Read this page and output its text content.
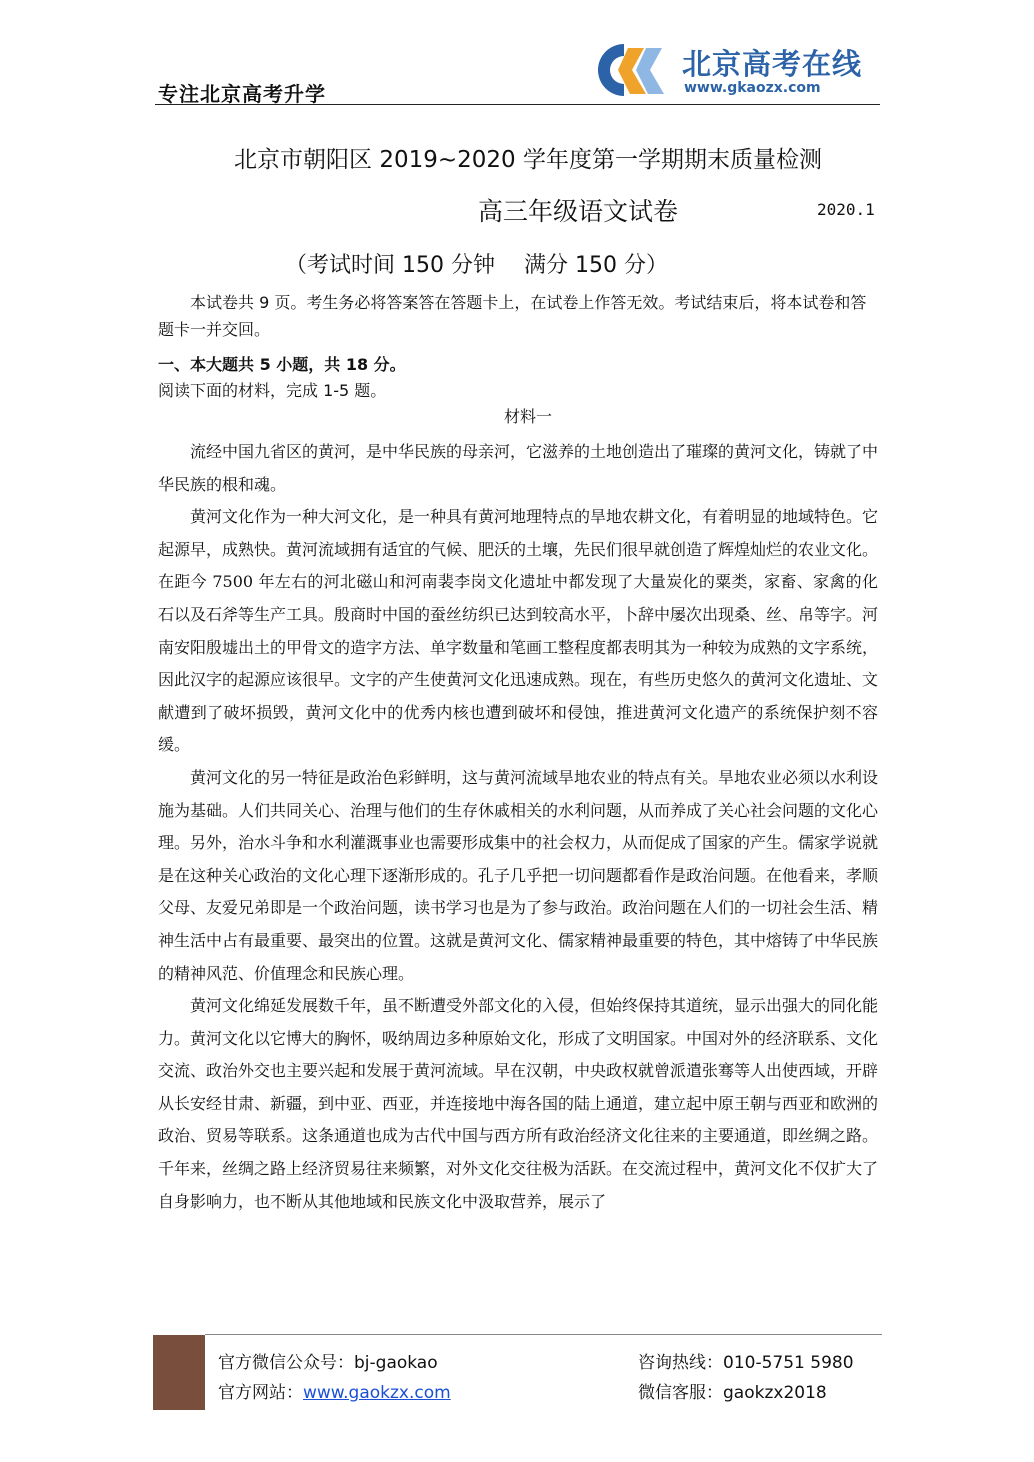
专注北京高考升学
北京高考在线
www.gkaozx.com
北京市朝阳区 2019~2020 学年度第一学期期末质量检测
高三年级语文试卷	2020.1
（考试时间 150 分钟　 满分 150 分）
本试卷共 9 页。考生务必将答案答在答题卡上，在试卷上作答无效。考试结束后，将本试卷和答题卡一并交回。
一、本大题共 5 小题，共 18 分。
阅读下面的材料，完成 1-5 题。
材料一

流经中国九省区的黄河，是中华民族的母亲河，它滋养的土地创造出了璀璨的黄河文化，铸就了中华民族的根和魂。

黄河文化作为一种大河文化，是一种具有黄河地理特点的旱地农耕文化，有着明显的地域特色。它起源早，成熟快。黄河流域拥有适宜的气候、肥沃的土壤，先民们很早就创造了辉煌灿烂的农业文化。在距今 7500 年左右的河北磁山和河南裴李岗文化遗址中都发现了大量炭化的粟类，家畜、家禽的化石以及石斧等生产工具。殷商时中国的蚕丝纺织已达到较高水平，卜辞中屡次出现桑、丝、帛等字。河南安阳殷墟出土的甲骨文的造字方法、单字数量和笔画工整程度都表明其为一种较为成熟的文字系统，因此汉字的起源应该很早。文字的产生使黄河文化迅速成熟。现在，有些历史悠久的黄河文化遗址、文献遭到了破坏损毁，黄河文化中的优秀内核也遭到破坏和侵蚀，推进黄河文化遗产的系统保护刻不容缓。

黄河文化的另一特征是政治色彩鲜明，这与黄河流域旱地农业的特点有关。旱地农业必须以水利设施为基础。人们共同关心、治理与他们的生存休戚相关的水利问题，从而养成了关心社会问题的文化心理。另外，治水斗争和水利灌溉事业也需要形成集中的社会权力，从而促成了国家的产生。儒家学说就是在这种关心政治的文化心理下逐渐形成的。孔子几乎把一切问题都看作是政治问题。在他看来，孝顺父母、友爱兄弟即是一个政治问题，读书学习也是为了参与政治。政治问题在人们的一切社会生活、精神生活中占有最重要、最突出的位置。这就是黄河文化、儒家精神最重要的特色，其中熔铸了中华民族的精神风范、价值理念和民族心理。

黄河文化绵延发展数千年，虽不断遭受外部文化的入侵，但始终保持其道统，显示出强大的同化能力。黄河文化以它博大的胸怀，吸纳周边多种原始文化，形成了文明国家。中国对外的经济联系、文化交流、政治外交也主要兴起和发展于黄河流域。早在汉朝，中央政权就曾派遣张骞等人出使西域，开辟从长安经甘肃、新疆，到中亚、西亚，并连接地中海各国的陆上通道，建立起中原王朝与西亚和欧洲的政治、贸易等联系。这条通道也成为古代中国与西方所有政治经济文化往来的主要通道，即丝绸之路。千年来，丝绸之路上经济贸易往来频繁，对外文化交往极为活跃。在交流过程中，黄河文化不仅扩大了自身影响力，也不断从其他地域和民族文化中汲取营养，展示了

官方微信公众号：bj-gaokao
官方网站：www.gaokzx.com
咨询热线：010-5751 5980
微信客服：gaokzx2018
